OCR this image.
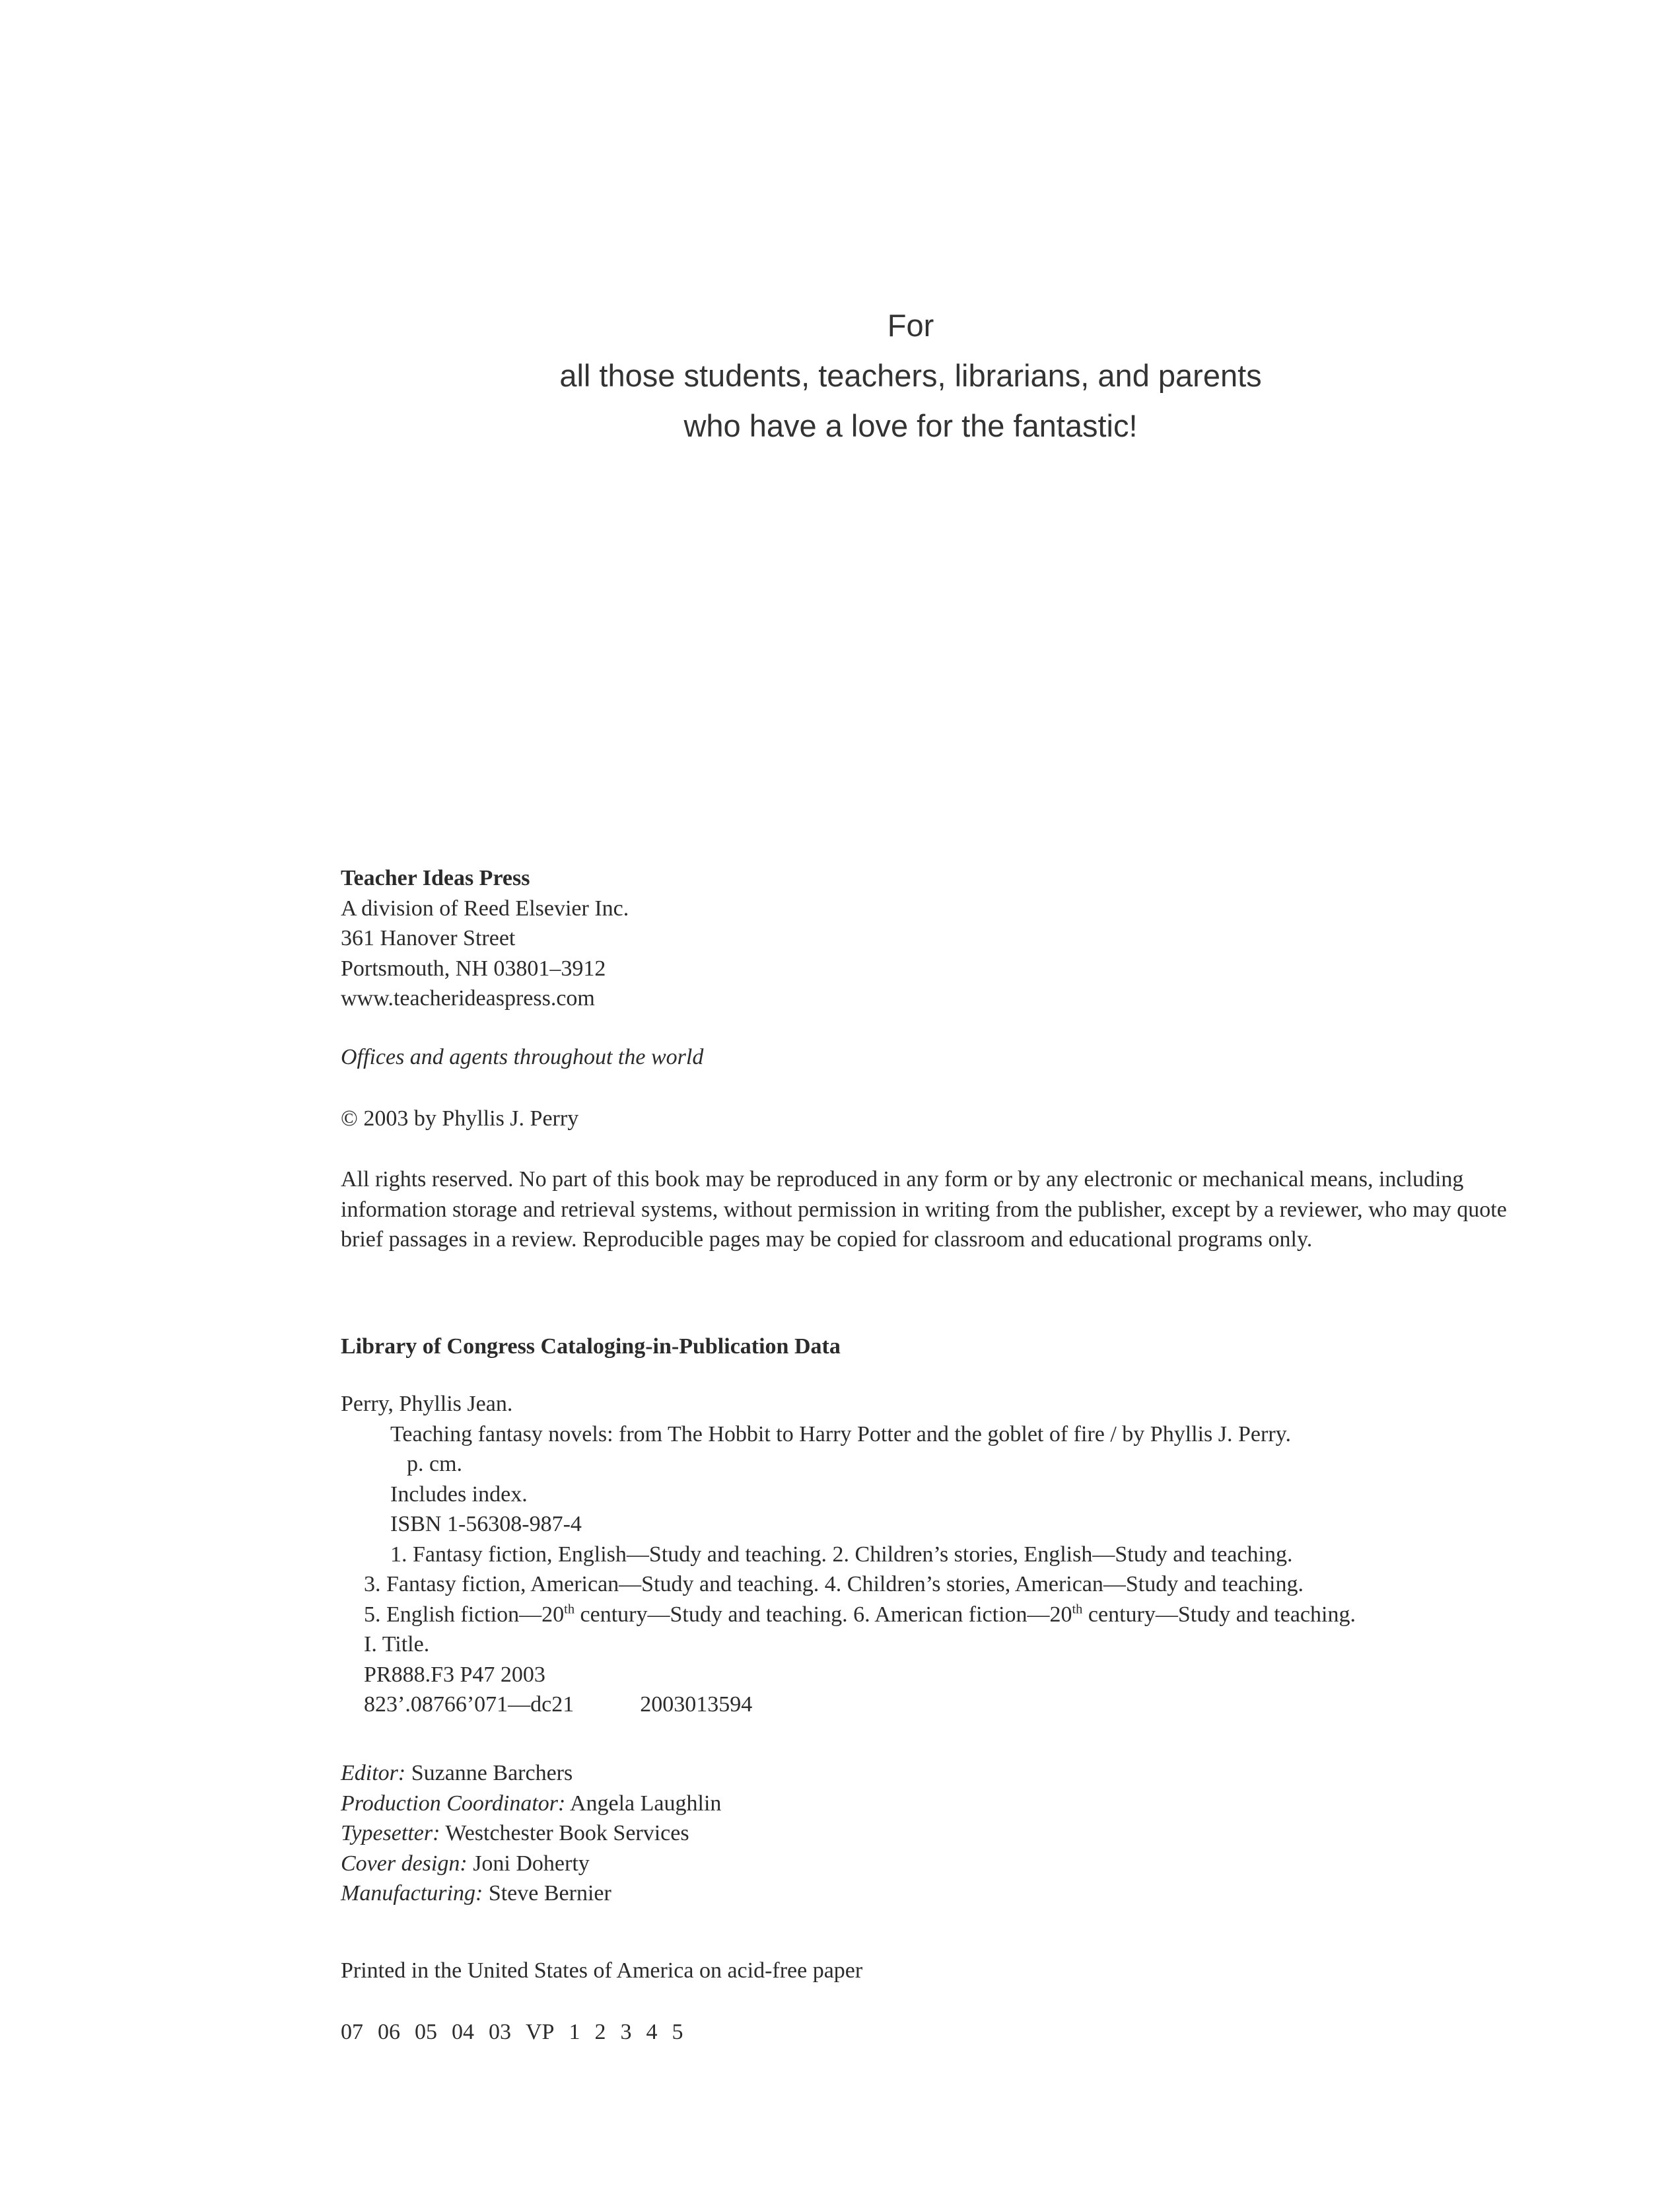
For
all those students, teachers, librarians, and parents
who have a love for the fantastic!
Teacher Ideas Press
A division of Reed Elsevier Inc.
361 Hanover Street
Portsmouth, NH 03801–3912
www.teacherideaspress.com
Offices and agents throughout the world
© 2003 by Phyllis J. Perry
All rights reserved. No part of this book may be reproduced in any form or by any electronic or mechanical means, including information storage and retrieval systems, without permission in writing from the publisher, except by a reviewer, who may quote brief passages in a review. Reproducible pages may be copied for classroom and educational programs only.
Library of Congress Cataloging-in-Publication Data
Perry, Phyllis Jean.
Teaching fantasy novels: from The Hobbit to Harry Potter and the goblet of fire / by Phyllis J. Perry.
p. cm.
Includes index.
ISBN 1-56308-987-4
1. Fantasy fiction, English—Study and teaching. 2. Children’s stories, English—Study and teaching.
3. Fantasy fiction, American—Study and teaching. 4. Children’s stories, American—Study and teaching.
5. English fiction—20th century—Study and teaching. 6. American fiction—20th century—Study and teaching.
I. Title.
PR888.F3 P47 2003
823’.08766’071—dc21	2003013594
Editor: Suzanne Barchers
Production Coordinator: Angela Laughlin
Typesetter: Westchester Book Services
Cover design: Joni Doherty
Manufacturing: Steve Bernier
Printed in the United States of America on acid-free paper
07 06 05 04 03 VP 1 2 3 4 5
